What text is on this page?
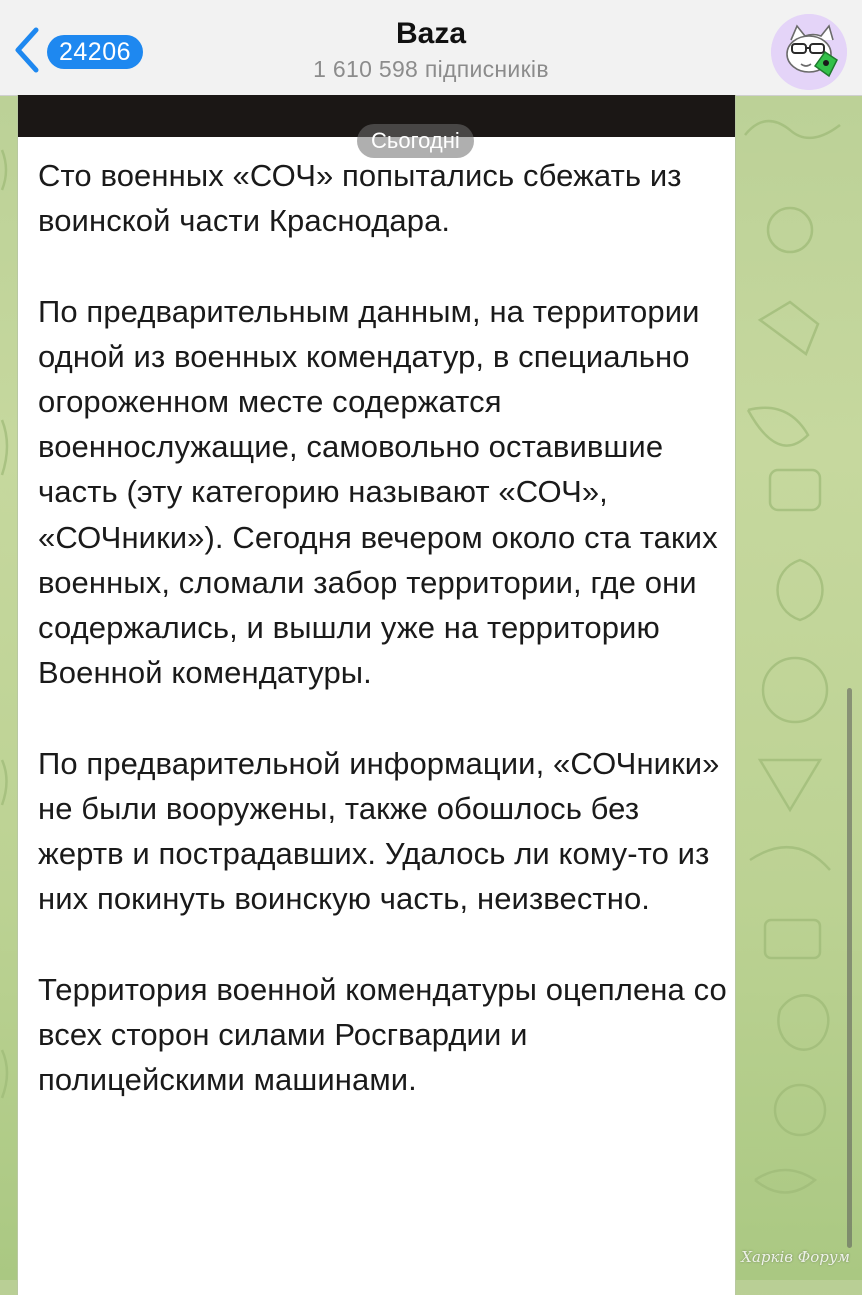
24206
Baza
1 610 598 підписників
Сьогодні

Сто военных «СОЧ» попытались сбежать из воинской части Краснодара.

По предварительным данным, на территории одной из военных комендатур, в специально огороженном месте содержатся военнослужащие, самовольно оставившие часть (эту категорию называют «СОЧ», «СОЧники»). Сегодня вечером около ста таких военных, сломали забор территории, где они содержались, и вышли уже на территорию Военной комендатуры.

По предварительной информации, «СОЧники» не были вооружены, также обошлось без жертв и пострадавших. Удалось ли кому-то из них покинуть воинскую часть, неизвестно.

Территория военной комендатуры оцеплена со всех сторон силами Росгвардии и полицейскими машинами.

Харків Форум
